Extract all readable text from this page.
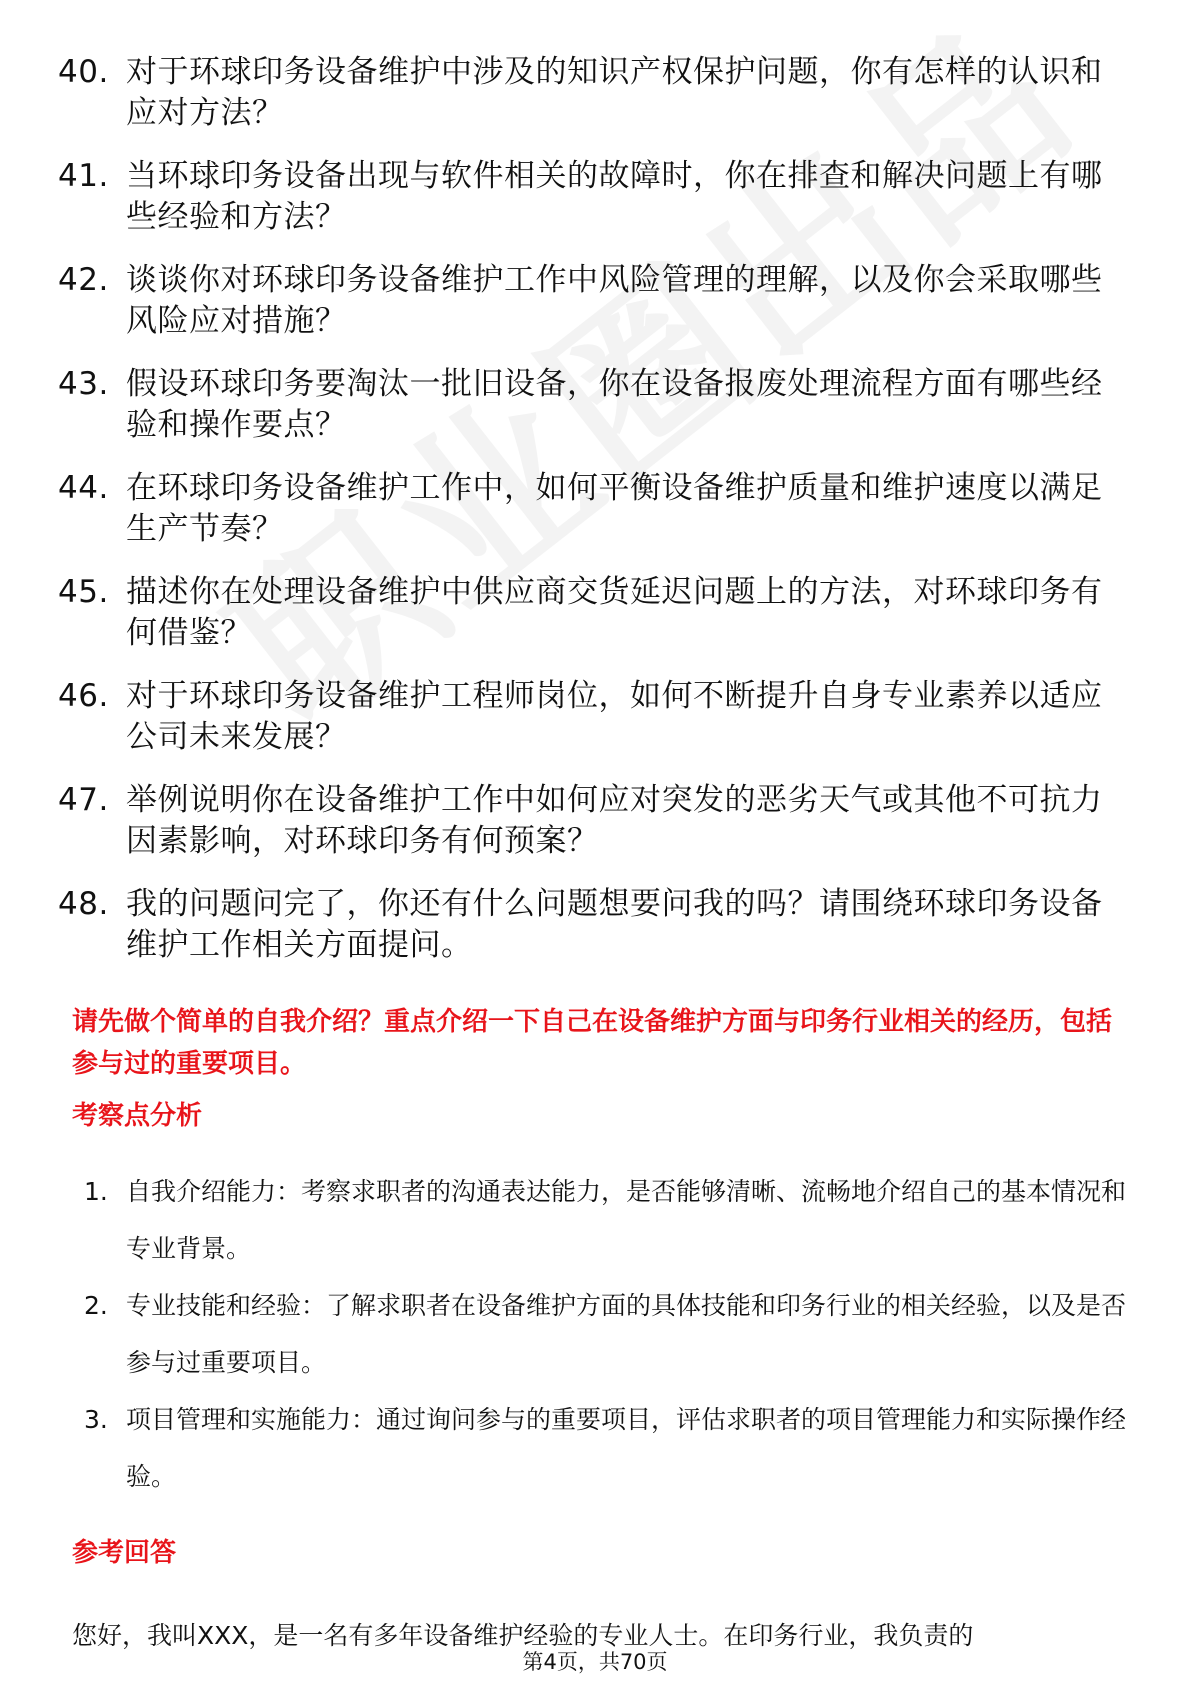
40. 对于环球印务设备维护中涉及的知识产权保护问题，你有怎样的认识和应对方法？
41. 当环球印务设备出现与软件相关的故障时，你在排查和解决问题上有哪些经验和方法？
42. 谈谈你对环球印务设备维护工作中风险管理的理解，以及你会采取哪些风险应对措施？
43. 假设环球印务要淘汰一批旧设备，你在设备报废处理流程方面有哪些经验和操作要点？
44. 在环球印务设备维护工作中，如何平衡设备维护质量和维护速度以满足生产节奏？
45. 描述你在处理设备维护中供应商交货延迟问题上的方法，对环球印务有何借鉴？
46. 对于环球印务设备维护工程师岗位，如何不断提升自身专业素养以适应公司未来发展？
47. 举例说明你在设备维护工作中如何应对突发的恶劣天气或其他不可抗力因素影响，对环球印务有何预案？
48. 我的问题问完了，你还有什么问题想要问我的吗？请围绕环球印务设备维护工作相关方面提问。
请先做个简单的自我介绍？重点介绍一下自己在设备维护方面与印务行业相关的经历，包括参与过的重要项目。
考察点分析
1. 自我介绍能力：考察求职者的沟通表达能力，是否能够清晰、流畅地介绍自己的基本情况和专业背景。
2. 专业技能和经验：了解求职者在设备维护方面的具体技能和印务行业的相关经验，以及是否参与过重要项目。
3. 项目管理和实施能力：通过询问参与的重要项目，评估求职者的项目管理能力和实际操作经验。
参考回答
您好，我叫XXX，是一名有多年设备维护经验的专业人士。在印务行业，我负责的
第4页，共70页
